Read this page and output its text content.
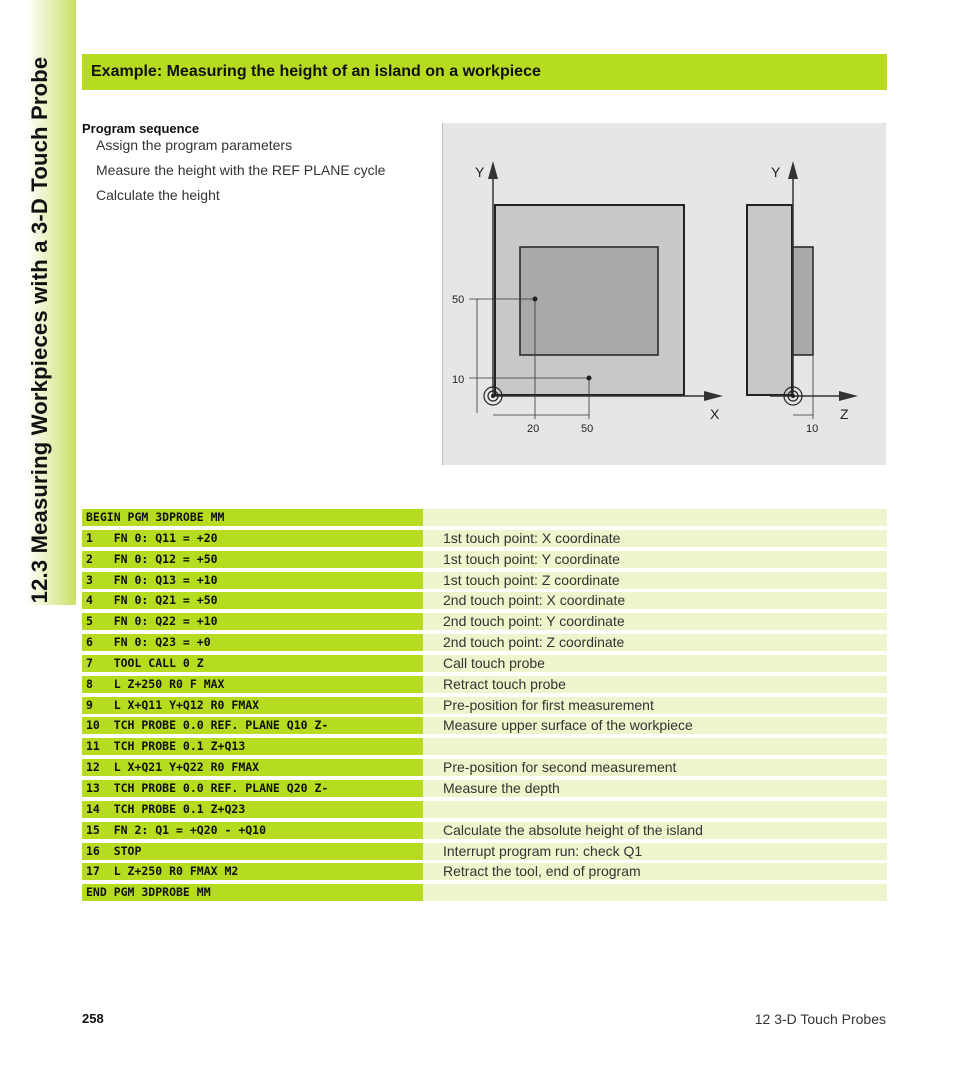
12.3 Measuring Workpieces with a 3-D Touch Probe Example: Measuring the height of an island on a workpiece
Program sequence
Assign the program parameters
Measure the height with the REF PLANE cycle
Calculate the height
Y
X
50
10
20	50
Y
Z
10
BEGIN PGM 3DPROBE MM
1   FN 0: Q11 = +20	1st touch point: X coordinate
2   FN 0: Q12 = +50	1st touch point: Y coordinate
3   FN 0: Q13 = +10	1st touch point: Z coordinate
4   FN 0: Q21 = +50	2nd touch point: X coordinate
5   FN 0: Q22 = +10	2nd touch point: Y coordinate
6   FN 0: Q23 = +0	2nd touch point: Z coordinate
7   TOOL CALL 0 Z	Call touch probe
8   L Z+250 R0 F MAX	Retract touch probe
9   L X+Q11 Y+Q12 R0 FMAX	Pre-position for first measurement
10  TCH PROBE 0.0 REF. PLANE Q10 Z-	Measure upper surface of the workpiece
11  TCH PROBE 0.1 Z+Q13
12  L X+Q21 Y+Q22 R0 FMAX	Pre-position for second measurement
13  TCH PROBE 0.0 REF. PLANE Q20 Z-	Measure the depth
14  TCH PROBE 0.1 Z+Q23
15  FN 2: Q1 = +Q20 - +Q10	Calculate the absolute height of the island
16  STOP	Interrupt program run: check Q1
17  L Z+250 R0 FMAX M2	Retract the tool, end of program
END PGM 3DPROBE MM
258	12 3-D Touch Probes
